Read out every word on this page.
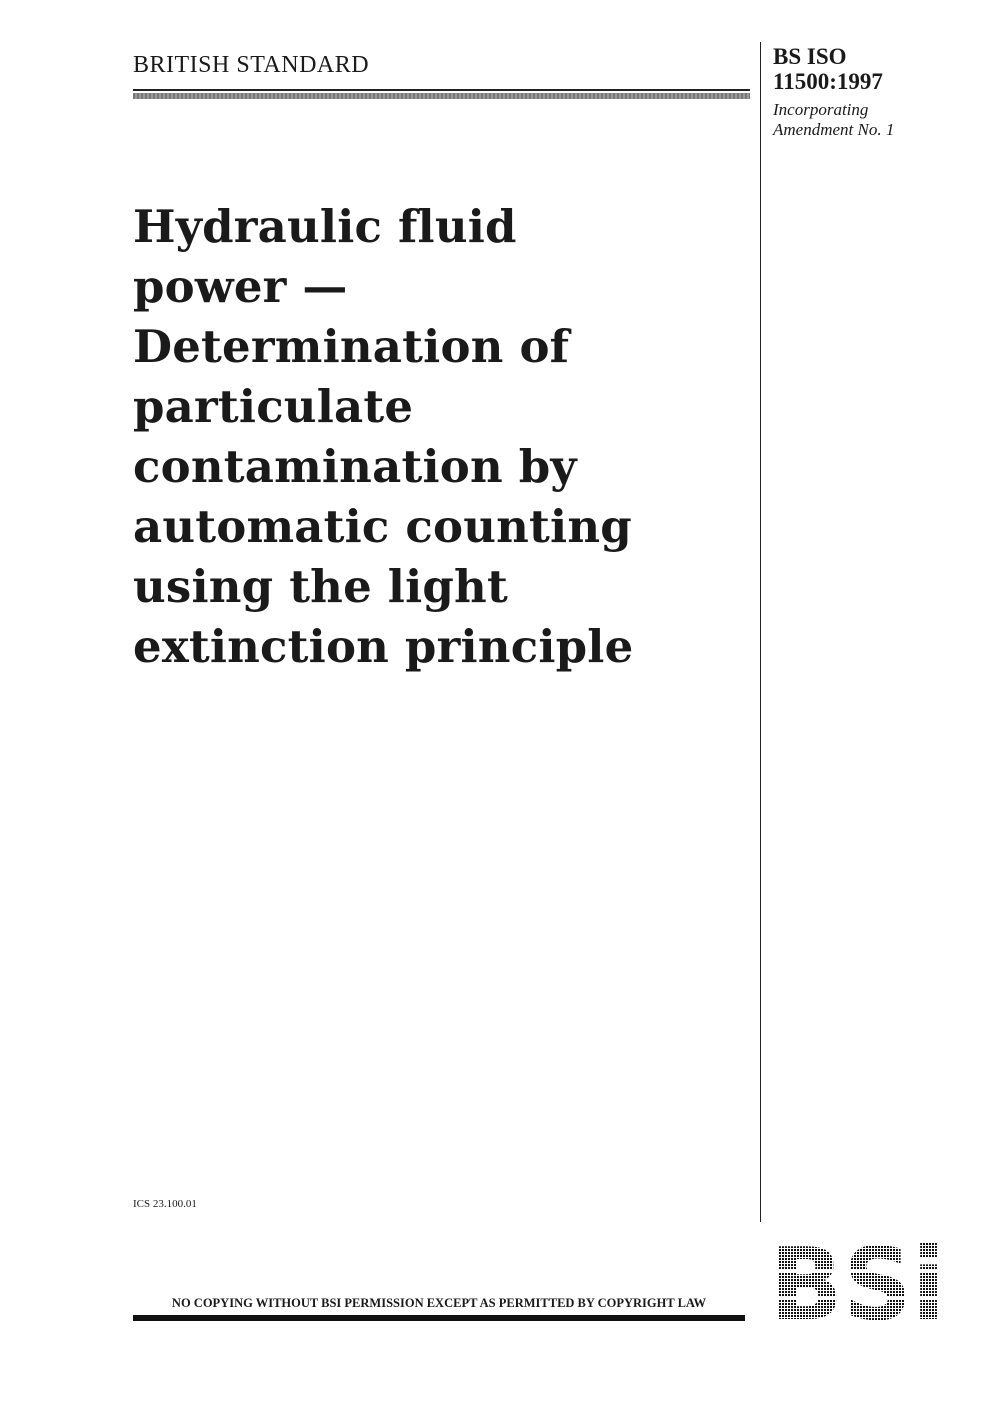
BRITISH STANDARD	BS ISO
11500:1997
Incorporating
Amendment No. 1
Hydraulic fluid
power —
Determination of
particulate
contamination by
automatic counting
using the light
extinction principle
ICS 23.100.01
NO COPYING WITHOUT BSI PERMISSION EXCEPT AS PERMITTED BY COPYRIGHT LAW
